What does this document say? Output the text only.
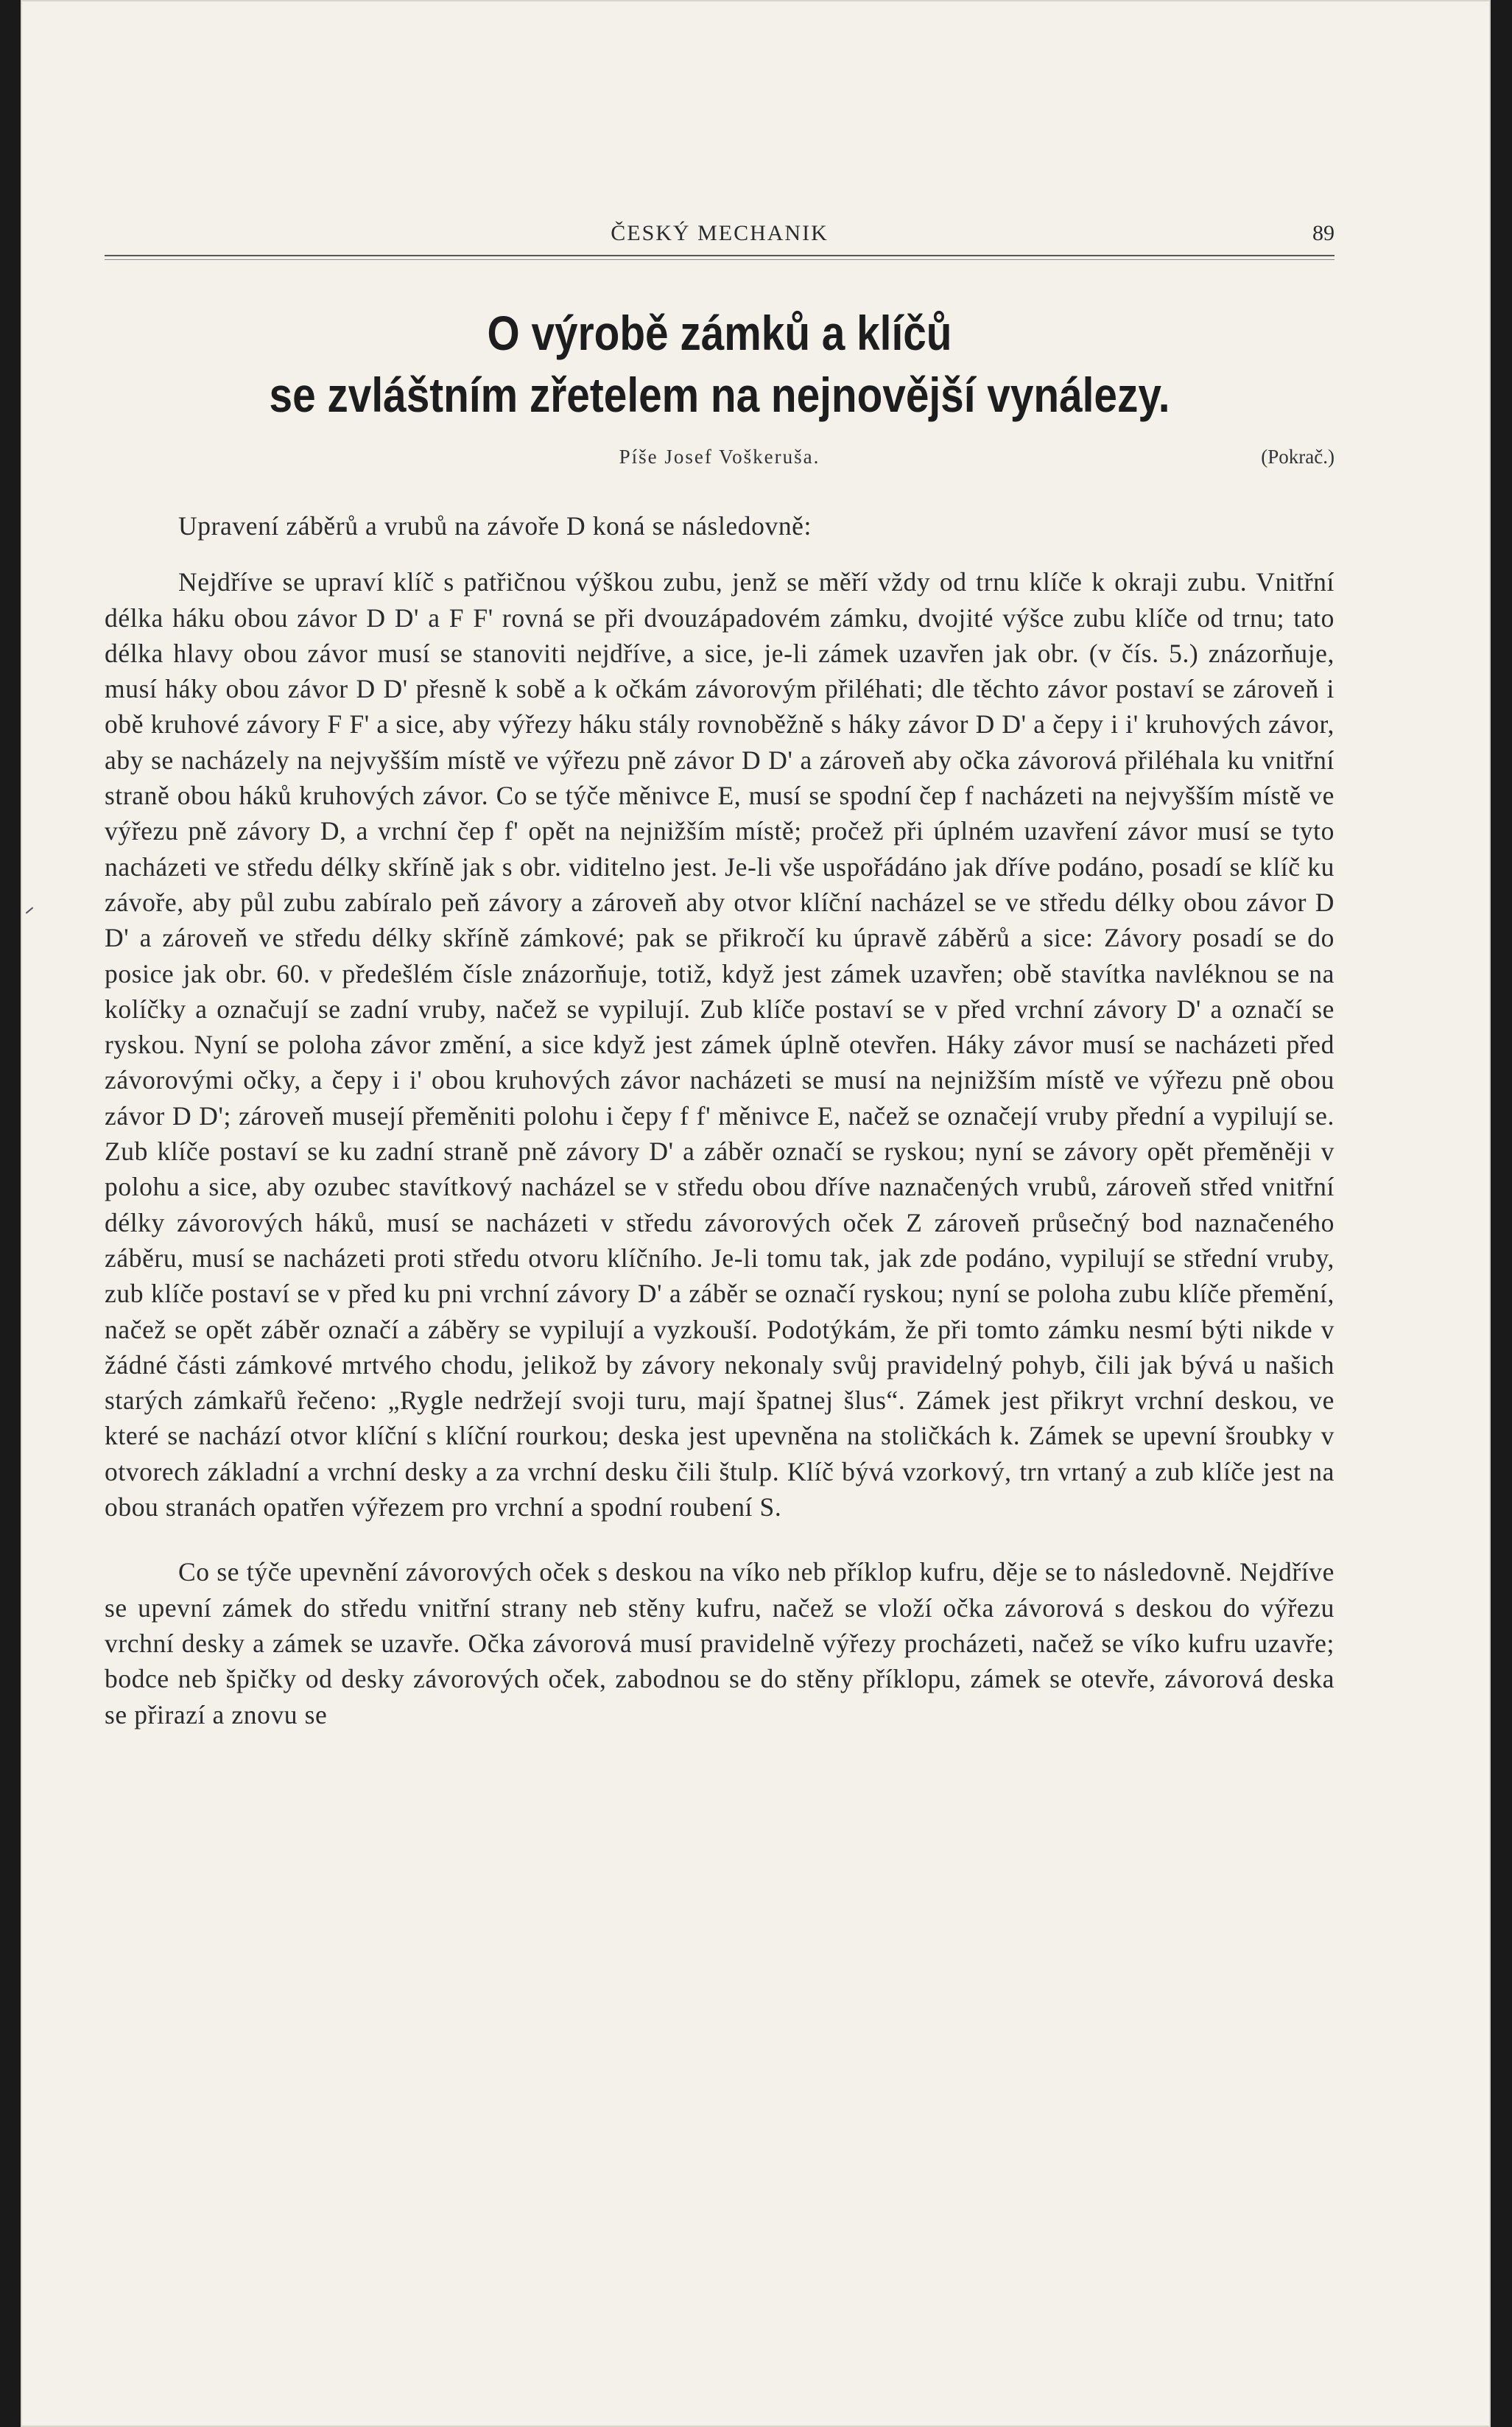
ČESKÝ MECHANIK	89
O výrobě zámků a klíčů
se zvláštním zřetelem na nejnovější vynálezy.
Píše Josef Voškeruša.	(Pokrač.)

Upravení záběrů a vrubů na závoře D koná se následovně:

Nejdříve se upraví klíč s patřičnou výškou zubu, jenž se měří vždy od trnu klíče k okraji zubu. Vnitřní délka háku obou závor D D' a F F' rovná se při dvouzápadovém zámku, dvojité výšce zubu klíče od trnu; tato délka hlavy obou závor musí se stanoviti nejdříve, a sice, je-li zámek uzavřen jak obr. (v čís. 5.) znázorňuje, musí háky obou závor D D' přesně k sobě a k očkám závorovým přiléhati; dle těchto závor postaví se zároveň i obě kruhové závory F F' a sice, aby výřezy háku stály rovnoběžně s háky závor D D' a čepy i i' kruhových závor, aby se nacházely na nejvyšším místě ve výřezu pně závor D D' a zároveň aby očka závorová přiléhala ku vnitřní straně obou háků kruhových závor. Co se týče měnivce E, musí se spodní čep f nacházeti na nejvyšším místě ve výřezu pně závory D, a vrchní čep f' opět na nejnižším místě; pročež při úplném uzavření závor musí se tyto nacházeti ve středu délky skříně jak s obr. viditelno jest. Je-li vše uspořádáno jak dříve podáno, posadí se klíč ku závoře, aby půl zubu zabíralo peň závory a zároveň aby otvor klíční nacházel se ve středu délky obou závor D D' a zároveň ve středu délky skříně zámkové; pak se přikročí ku úpravě záběrů a sice: Závory posadí se do posice jak obr. 60. v předešlém čísle znázorňuje, totiž, když jest zámek uzavřen; obě stavítka navléknou se na kolíčky a označují se zadní vruby, načež se vypilují. Zub klíče postaví se v před vrchní závory D' a označí se ryskou. Nyní se poloha závor změní, a sice když jest zámek úplně otevřen. Háky závor musí se nacházeti před závorovými očky, a čepy i i' obou kruhových závor nacházeti se musí na nejnižším místě ve výřezu pně obou závor D D'; zároveň musejí přeměniti polohu i čepy f f' měnivce E, načež se označejí vruby přední a vypilují se. Zub klíče postaví se ku zadní straně pně závory D' a záběr označí se ryskou; nyní se závory opět přeměněji v polohu a sice, aby ozubec stavítkový nacházel se v středu obou dříve naznačených vrubů, zároveň střed vnitřní délky závorových háků, musí se nacházeti v středu závorových oček Z zároveň průsečný bod naznačeného záběru, musí se nacházeti proti středu otvoru klíčního. Je-li tomu tak, jak zde podáno, vypilují se střední vruby, zub klíče postaví se v před ku pni vrchní závory D' a záběr se označí ryskou; nyní se poloha zubu klíče přemění, načež se opět záběr označí a záběry se vypilují a vyzkouší. Podotýkám, že při tomto zámku nesmí býti nikde v žádné části zámkové mrtvého chodu, jelikož by závory nekonaly svůj pravidelný pohyb, čili jak bývá u našich starých zámkařů řečeno: „Rygle nedržejí svoji turu, mají špatnej šlus“. Zámek jest přikryt vrchní deskou, ve které se nachází otvor klíční s klíční rourkou; deska jest upevněna na stoličkách k. Zámek se upevní šroubky v otvorech základní a vrchní desky a za vrchní desku čili štulp. Klíč bývá vzorkový, trn vrtaný a zub klíče jest na obou stranách opatřen výřezem pro vrchní a spodní roubení S.

Co se týče upevnění závorových oček s deskou na víko neb příklop kufru, děje se to následovně. Nejdříve se upevní zámek do středu vnitřní strany neb stěny kufru, načež se vloží očka závorová s deskou do výřezu vrchní desky a zámek se uzavře. Očka závorová musí pravidelně výřezy procházeti, načež se víko kufru uzavře; bodce neb špičky od desky závorových oček, zabodnou se do stěny příklopu, zámek se otevře, závorová deska se přirazí a znovu se
